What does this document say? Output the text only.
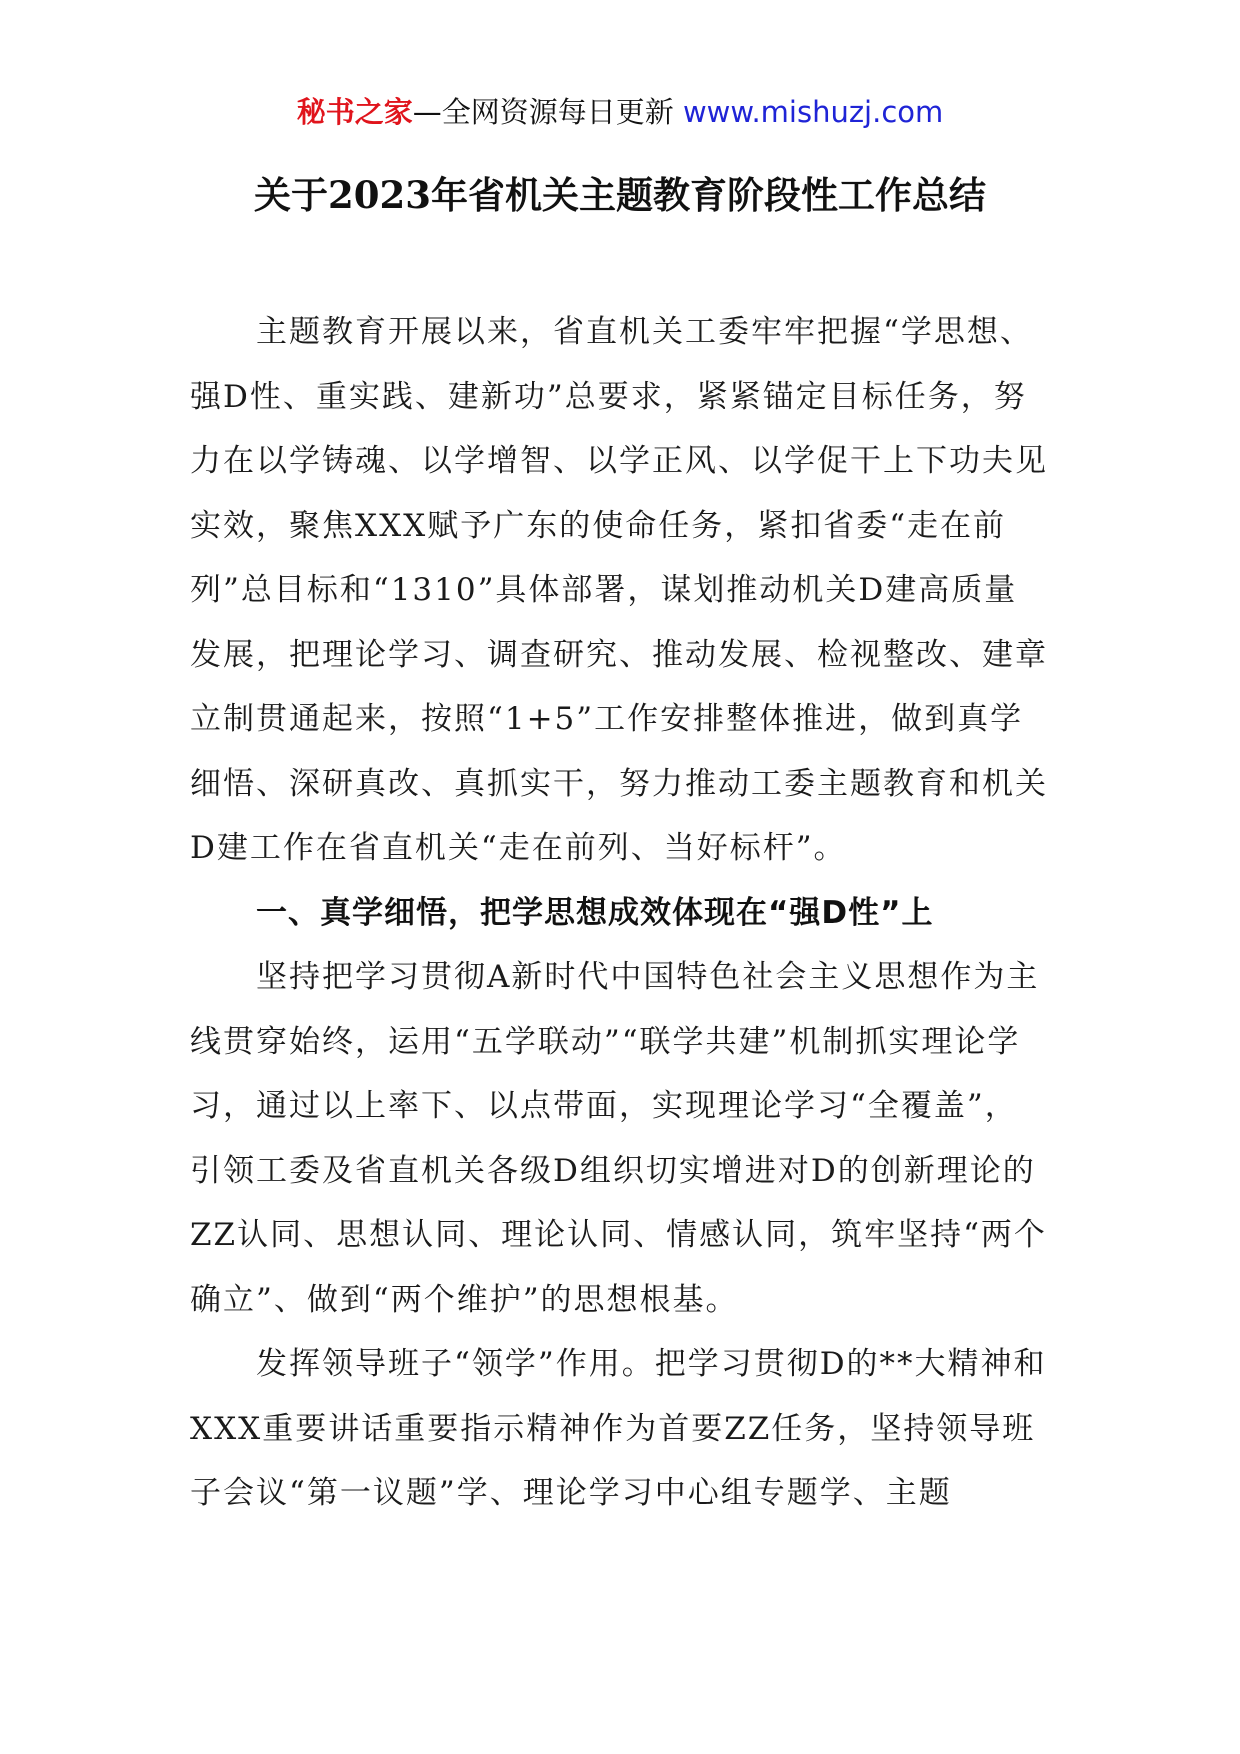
秘书之家—全网资源每日更新 www.mishuzj.com
关于2023年省机关主题教育阶段性工作总结

主题教育开展以来，省直机关工委牢牢把握“学思想、强D性、重实践、建新功”总要求，紧紧锚定目标任务，努力在以学铸魂、以学增智、以学正风、以学促干上下功夫见实效，聚焦XXX赋予广东的使命任务，紧扣省委“走在前列”总目标和“1310”具体部署，谋划推动机关D建高质量发展，把理论学习、调查研究、推动发展、检视整改、建章立制贯通起来，按照“1+5”工作安排整体推进，做到真学细悟、深研真改、真抓实干，努力推动工委主题教育和机关D建工作在省直机关“走在前列、当好标杆”。

一、真学细悟，把学思想成效体现在“强D性”上

坚持把学习贯彻A新时代中国特色社会主义思想作为主线贯穿始终，运用“五学联动”“联学共建”机制抓实理论学习，通过以上率下、以点带面，实现理论学习“全覆盖”，引领工委及省直机关各级D组织切实增进对D的创新理论的ZZ认同、思想认同、理论认同、情感认同，筑牢坚持“两个确立”、做到“两个维护”的思想根基。

发挥领导班子“领学”作用。把学习贯彻D的**大精神和XXX重要讲话重要指示精神作为首要ZZ任务，坚持领导班子会议“第一议题”学、理论学习中心组专题学、主题
